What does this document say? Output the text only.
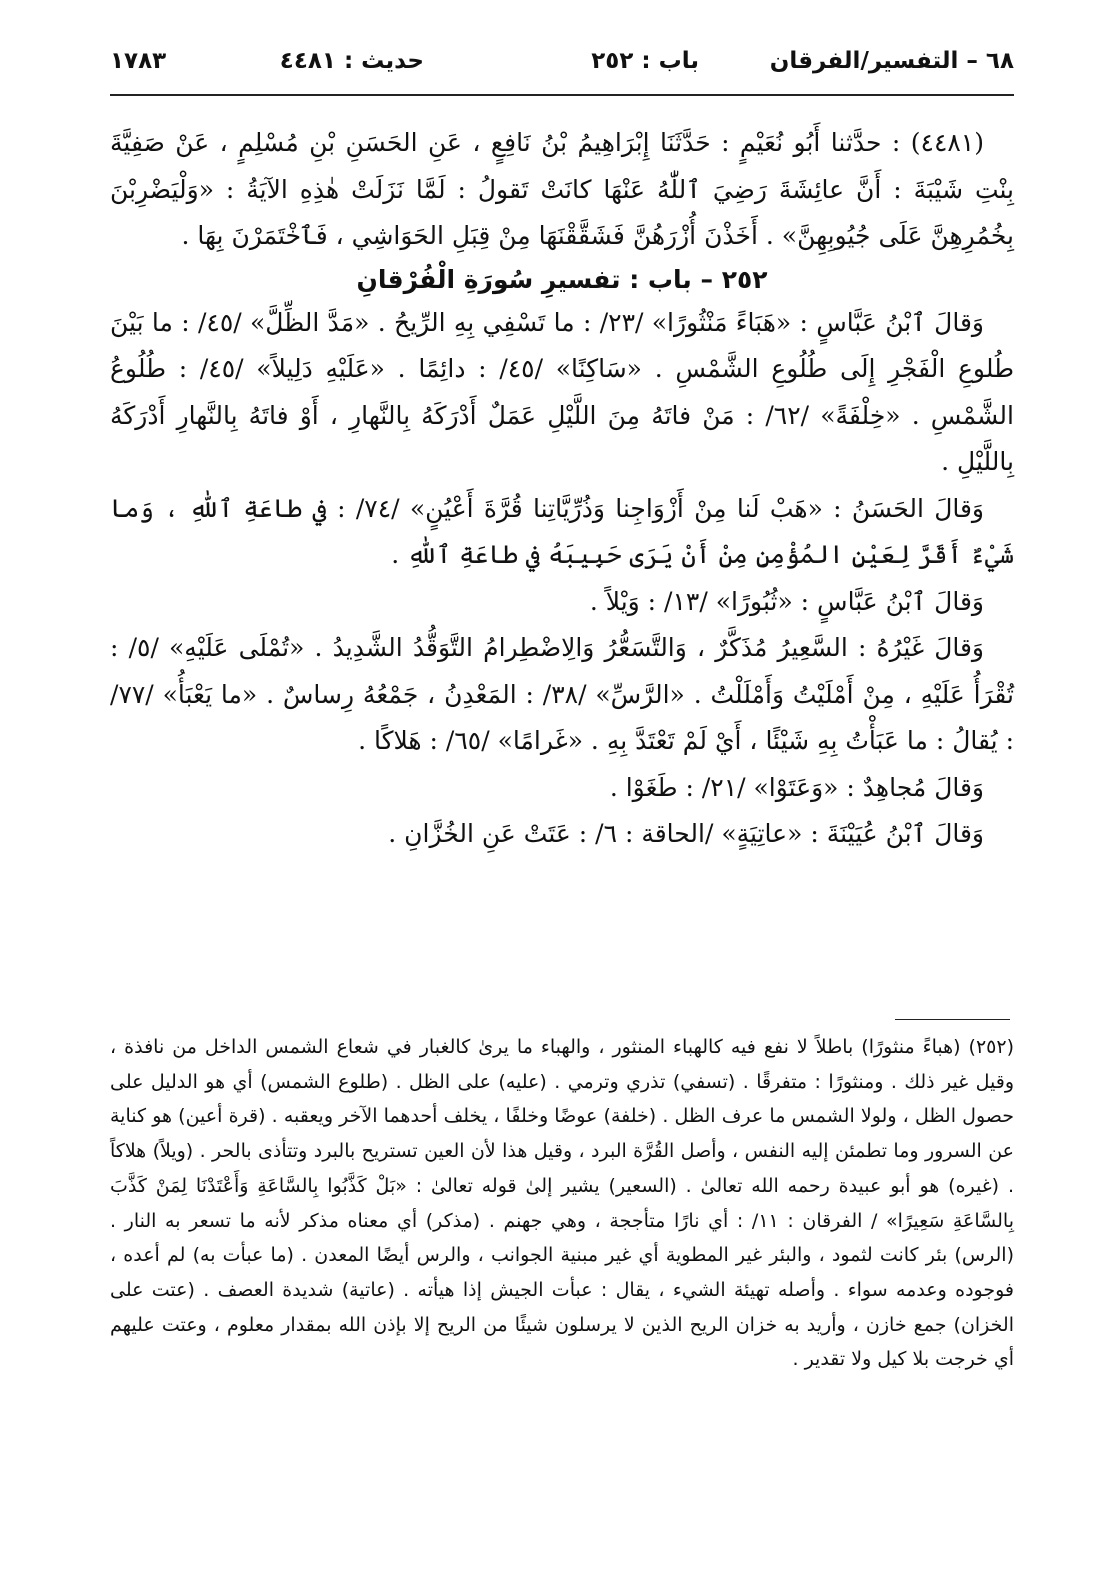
٦٨ – التفسير/الفرقان
باب : ٢٥٢
حديث : ٤٤٨١
١٧٨٣

(٤٤٨١) : حدَّثنا أَبُو نُعَيْمٍ : حَدَّثَنَا إِبْرَاهِيمُ بْنُ نَافِعٍ ، عَنِ الحَسَنِ بْنِ مُسْلِمٍ ، عَنْ صَفِيَّةَ بِنْتِ شَيْبَةَ : أَنَّ عائِشَةَ رَضِيَ ٱللّٰهُ عَنْهَا كانَتْ تَقولُ : لَمَّا نَزَلَتْ هٰذِهِ الآيَةُ : «وَلْيَضْرِبْنَ بِخُمُرِهِنَّ عَلَى جُيُوبِهِنَّ» . أَخَذْنَ أُزْرَهُنَّ فَشَقَّقْنَهَا مِنْ قِبَلِ الحَوَاشِي ، فَٱخْتَمَرْنَ بِهَا .

٢٥٢ – باب : تفسيرِ سُورَةِ الْفُرْقانِ

وَقالَ ٱبْنُ عَبَّاسٍ : «هَبَاءً مَنْثُورًا» /٢٣/ : ما تَسْفِي بِهِ الرِّيحُ . «مَدَّ الظِّلَّ» /٤٥/ : ما بَيْنَ طُلوعِ الْفَجْرِ إِلَى طُلُوعِ الشَّمْسِ . «سَاكِنًا» /٤٥/ : دائِمًا . «عَلَيْهِ دَلِيلاً» /٤٥/ : طُلُوعُ الشَّمْسِ . «خِلْفَةً» /٦٢/ : مَنْ فاتَهُ مِنَ اللَّيْلِ عَمَلٌ أَدْرَكَهُ بِالنَّهارِ ، أَوْ فاتَهُ بِالنَّهارِ أَدْرَكَهُ بِاللَّيْلِ .

وَقالَ الحَسَنُ : «هَبْ لَنا مِنْ أَزْوَاجِنا وَذُرِّيَّاتِنا قُرَّةَ أَعْيُنٍ» /٧٤/ : في طاعَةِ ٱللّٰهِ ، وَما شَيْءٌ أَقَرَّ لِعَيْنِ المُؤْمِنِ مِنْ أَنْ يَرَى حَبِيبَهُ في طاعَةِ ٱللّٰهِ .

وَقالَ ٱبْنُ عَبَّاسٍ : «ثُبُورًا» /١٣/ : وَيْلاً .

وَقالَ غَيْرُهُ : السَّعِيرُ مُذَكَّرٌ ، وَالتَّسَعُّرُ وَالِاضْطِرامُ التَّوَقُّدُ الشَّدِيدُ . «تُمْلَى عَلَيْهِ» /٥/ : تُقْرَأُ عَلَيْهِ ، مِنْ أَمْلَيْتُ وَأَمْلَلْتُ . «الرَّسِّ» /٣٨/ : المَعْدِنُ ، جَمْعُهُ رِساسٌ . «ما يَعْبَأُ» /٧٧/ : يُقالُ : ما عَبَأْتُ بِهِ شَيْئًا ، أَيْ لَمْ تَعْتَدَّ بِهِ . «غَرامًا» /٦٥/ : هَلاكًا .

وَقالَ مُجاهِدٌ : «وَعَتَوْا» /٢١/ : طَغَوْا .

وَقالَ ٱبْنُ عُيَيْنَةَ : «عاتِيَةٍ» /الحاقة : ٦/ : عَتَتْ عَنِ الخُزَّانِ .

(٢٥٢) (هباءً منثورًا) باطلاً لا نفع فيه كالهباء المنثور ، والهباء ما يرىٰ كالغبار في شعاع الشمس الداخل من نافذة ، وقيل غير ذلك . ومنثورًا : متفرقًا . (تسفي) تذري وترمي . (عليه) على الظل . (طلوع الشمس) أي هو الدليل على حصول الظل ، ولولا الشمس ما عرف الظل . (خلفة) عوضًا وخلفًا ، يخلف أحدهما الآخر ويعقبه . (قرة أعين) هو كناية عن السرور وما تطمئن إليه النفس ، وأصل القُرَّة البرد ، وقيل هذا لأن العين تستريح بالبرد وتتأذى بالحر . (ويلاً) هلاكاً . (غيره) هو أبو عبيدة رحمه الله تعالىٰ . (السعير) يشير إلىٰ قوله تعالىٰ : «بَلْ كَذَّبُوا بِالسَّاعَةِ وَأَعْتَدْنَا لِمَنْ كَذَّبَ بِالسَّاعَةِ سَعِيرًا» / الفرقان : ١١/ : أي نارًا متأججة ، وهي جهنم . (مذكر) أي معناه مذكر لأنه ما تسعر به النار . (الرس) بئر كانت لثمود ، والبئر غير المطوية أي غير مبنية الجوانب ، والرس أيضًا المعدن . (ما عبأت به) لم أعده ، فوجوده وعدمه سواء . وأصله تهيئة الشيء ، يقال : عبأت الجيش إذا هيأته . (عاتية) شديدة العصف . (عتت على الخزان) جمع خازن ، وأريد به خزان الريح الذين لا يرسلون شيئًا من الريح إلا بإذن الله بمقدار معلوم ، وعتت عليهم أي خرجت بلا كيل ولا تقدير .
